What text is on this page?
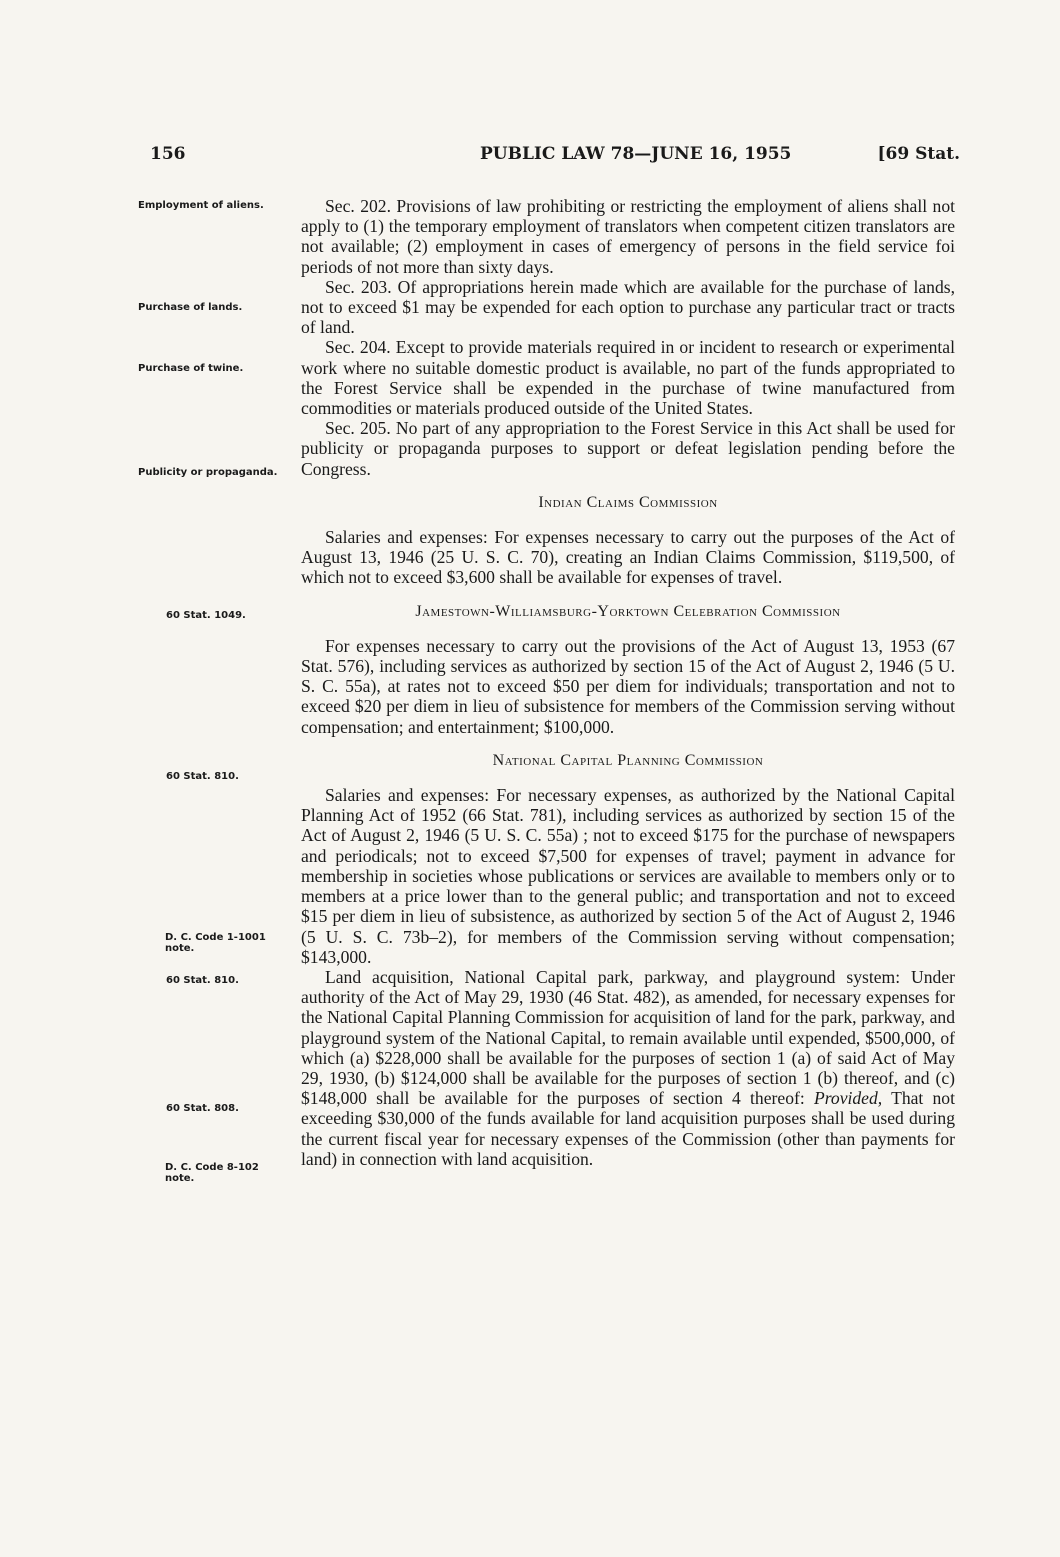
156	PUBLIC LAW 78—JUNE 16, 1955	[69 Stat.
Employment of aliens.
Purchase of lands.
Purchase of twine.
Publicity or propaganda.
60 Stat. 1049.
60 Stat. 810.
D. C. Code 1-1001 note.
60 Stat. 810.
60 Stat. 808.
D. C. Code 8-102 note.

Sec. 202. Provisions of law prohibiting or restricting the employment of aliens shall not apply to (1) the temporary employment of translators when competent citizen translators are not available; (2) employment in cases of emergency of persons in the field service foi periods of not more than sixty days.

Sec. 203. Of appropriations herein made which are available for the purchase of lands, not to exceed $1 may be expended for each option to purchase any particular tract or tracts of land.

Sec. 204. Except to provide materials required in or incident to research or experimental work where no suitable domestic product is available, no part of the funds appropriated to the Forest Service shall be expended in the purchase of twine manufactured from commodities or materials produced outside of the United States.

Sec. 205. No part of any appropriation to the Forest Service in this Act shall be used for publicity or propaganda purposes to support or defeat legislation pending before the Congress.

Indian Claims Commission

Salaries and expenses: For expenses necessary to carry out the purposes of the Act of August 13, 1946 (25 U. S. C. 70), creating an Indian Claims Commission, $119,500, of which not to exceed $3,600 shall be available for expenses of travel.

Jamestown-Williamsburg-Yorktown Celebration Commission

For expenses necessary to carry out the provisions of the Act of August 13, 1953 (67 Stat. 576), including services as authorized by section 15 of the Act of August 2, 1946 (5 U. S. C. 55a), at rates not to exceed $50 per diem for individuals; transportation and not to exceed $20 per diem in lieu of subsistence for members of the Commission serving without compensation; and entertainment; $100,000.

National Capital Planning Commission

Salaries and expenses: For necessary expenses, as authorized by the National Capital Planning Act of 1952 (66 Stat. 781), including services as authorized by section 15 of the Act of August 2, 1946 (5 U. S. C. 55a) ; not to exceed $175 for the purchase of newspapers and periodicals; not to exceed $7,500 for expenses of travel; payment in advance for membership in societies whose publications or services are available to members only or to members at a price lower than to the general public; and transportation and not to exceed $15 per diem in lieu of subsistence, as authorized by section 5 of the Act of August 2, 1946 (5 U. S. C. 73b–2), for members of the Commission serving without compensation; $143,000.

Land acquisition, National Capital park, parkway, and playground system: Under authority of the Act of May 29, 1930 (46 Stat. 482), as amended, for necessary expenses for the National Capital Planning Commission for acquisition of land for the park, parkway, and playground system of the National Capital, to remain available until expended, $500,000, of which (a) $228,000 shall be available for the purposes of section 1 (a) of said Act of May 29, 1930, (b) $124,000 shall be available for the purposes of section 1 (b) thereof, and (c) $148,000 shall be available for the purposes of section 4 thereof: Provided, That not exceeding $30,000 of the funds available for land acquisition purposes shall be used during the current fiscal year for necessary expenses of the Commission (other than payments for land) in connection with land acquisition.
